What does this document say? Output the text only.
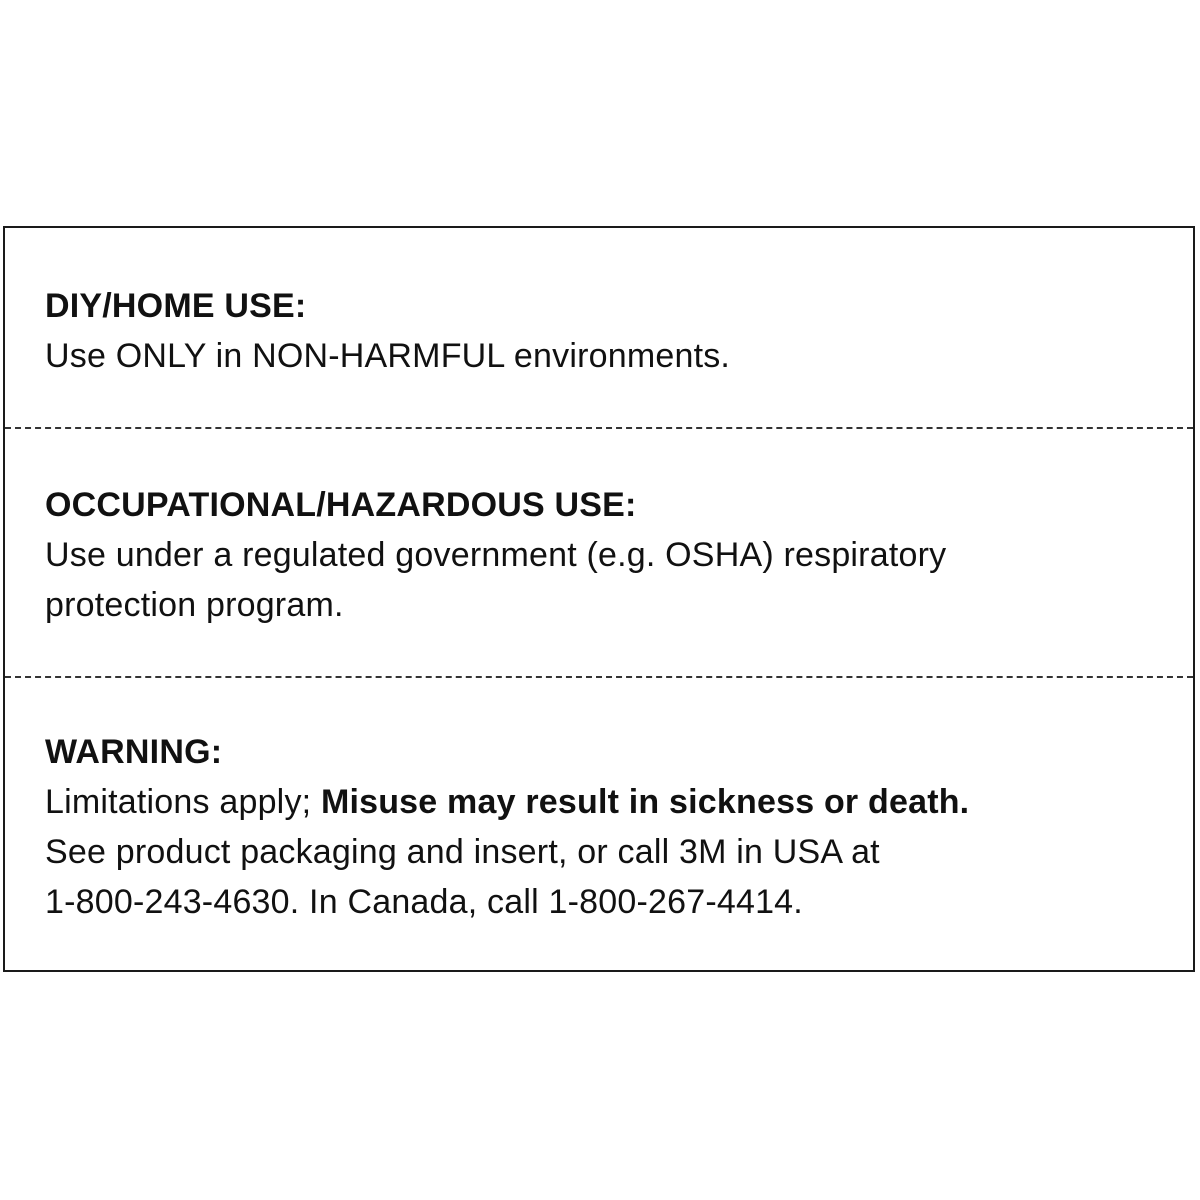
DIY/HOME USE:
Use ONLY in NON-HARMFUL environments.
OCCUPATIONAL/HAZARDOUS USE:
Use under a regulated government (e.g. OSHA) respiratory
protection program.
WARNING:
Limitations apply; Misuse may result in sickness or death.
See product packaging and insert, or call 3M in USA at
1-800-243-4630. In Canada, call 1-800-267-4414.
